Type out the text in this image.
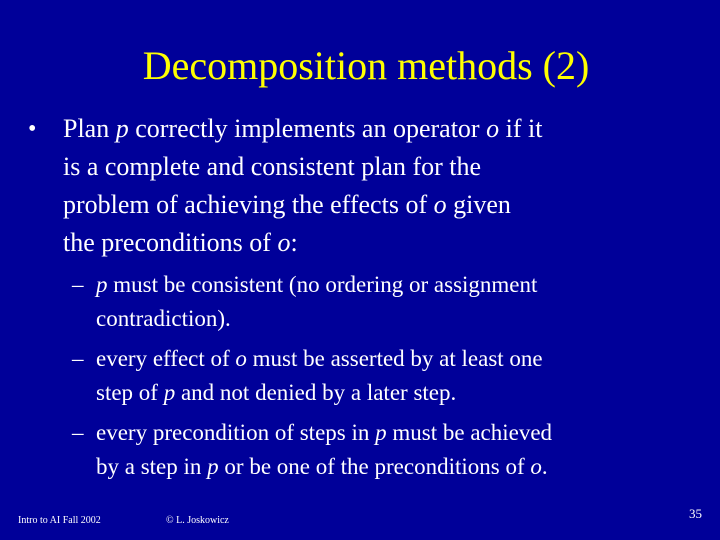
Decomposition methods (2)
• Plan p correctly implements an operator o if it
is a complete and consistent plan for the
problem of achieving the effects of o given
the preconditions of o:
– p must be consistent (no ordering or assignment
contradiction).
– every effect of o must be asserted by at least one
step of p and not denied by a later step.
– every precondition of steps in p must be achieved
by a step in p or be one of the preconditions of o.
Intro to AI Fall 2002	© L. Joskowicz	35
